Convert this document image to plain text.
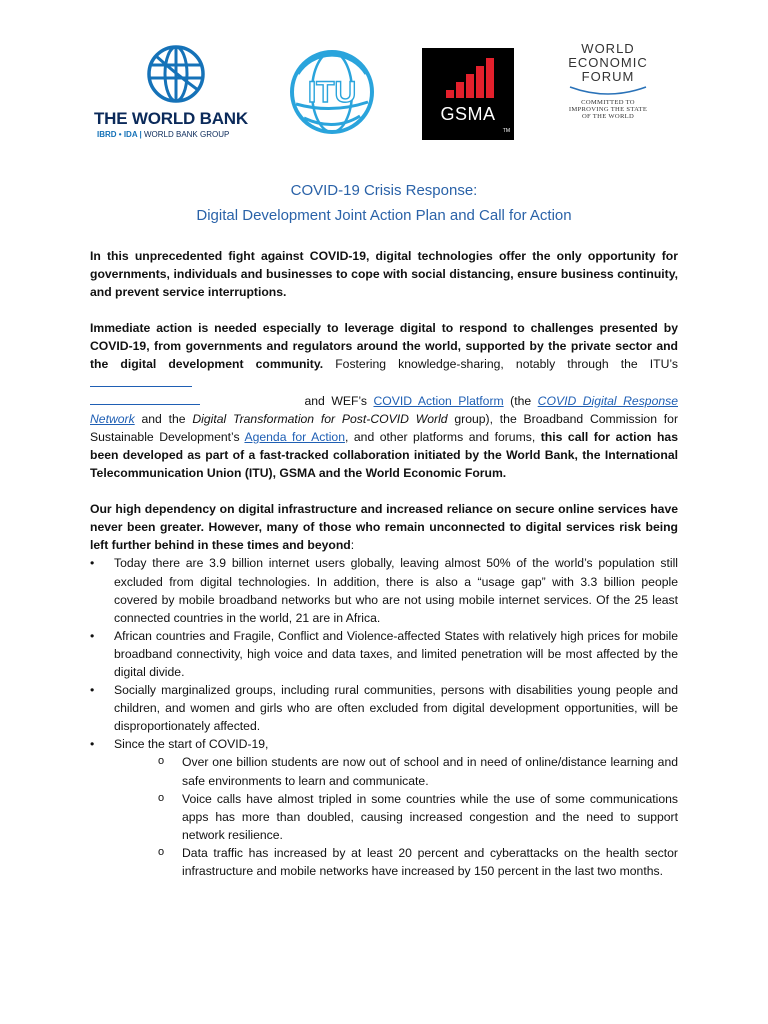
THE WORLD BANK
IBRD • IDA | WORLD BANK GROUP
ITU
GSMA
TM
WORLD
ECONOMIC
FORUM
COMMITTED TO
IMPROVING THE STATE
OF THE WORLD
COVID-19 Crisis Response:
Digital Development Joint Action Plan and Call for Action

In this unprecedented fight against COVID-19, digital technologies offer the only opportunity for governments, individuals and businesses to cope with social distancing, ensure business continuity, and prevent service interruptions.

Immediate action is needed especially to leverage digital to respond to challenges presented by COVID-19, from governments and regulators around the world, supported by the private sector and the digital development community. Fostering knowledge-sharing, notably through the ITU’s
and WEF’s COVID Action Platform (the COVID Digital Response Network and the Digital Transformation for Post-COVID World group), the Broadband Commission for Sustainable Development’s Agenda for Action, and other platforms and forums, this call for action has been developed as part of a fast-tracked collaboration initiated by the World Bank, the International Telecommunication Union (ITU), GSMA and the World Economic Forum.

Our high dependency on digital infrastructure and increased reliance on secure online services have never been greater. However, many of those who remain unconnected to digital services risk being left further behind in these times and beyond:

• Today there are 3.9 billion internet users globally, leaving almost 50% of the world’s population still excluded from digital technologies. In addition, there is also a “usage gap” with 3.3 billion people covered by mobile broadband networks but who are not using mobile internet services. Of the 25 least connected countries in the world, 21 are in Africa.
• African countries and Fragile, Conflict and Violence-affected States with relatively high prices for mobile broadband connectivity, high voice and data taxes, and limited penetration will be most affected by the digital divide.
• Socially marginalized groups, including rural communities, persons with disabilities young people and children, and women and girls who are often excluded from digital development opportunities, will be disproportionately affected.
• Since the start of COVID-19,
o Over one billion students are now out of school and in need of online/distance learning and safe environments to learn and communicate.
o Voice calls have almost tripled in some countries while the use of some communications apps has more than doubled, causing increased congestion and the need to support network resilience.
o Data traffic has increased by at least 20 percent and cyberattacks on the health sector infrastructure and mobile networks have increased by 150 percent in the last two months.
